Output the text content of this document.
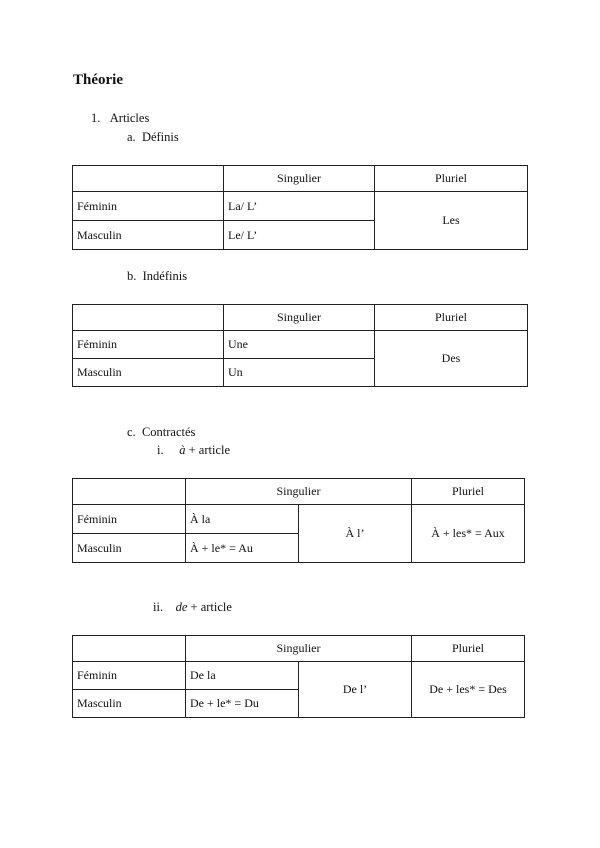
Théorie
1. Articles
a. Définis
	Singulier	Pluriel
Féminin	La/ L’	Les
Masculin	Le/ L’	
b. Indéfinis
	Singulier	Pluriel
Féminin	Une	Des
Masculin	Un	
c. Contractés
i. à + article
	Singulier		Pluriel
Féminin	À la	À l’	À + les* = Aux
Masculin	À + le* = Au		
ii. de + article
	Singulier		Pluriel
Féminin	De la	De l’	De + les* = Des
Masculin	De + le* = Du		
